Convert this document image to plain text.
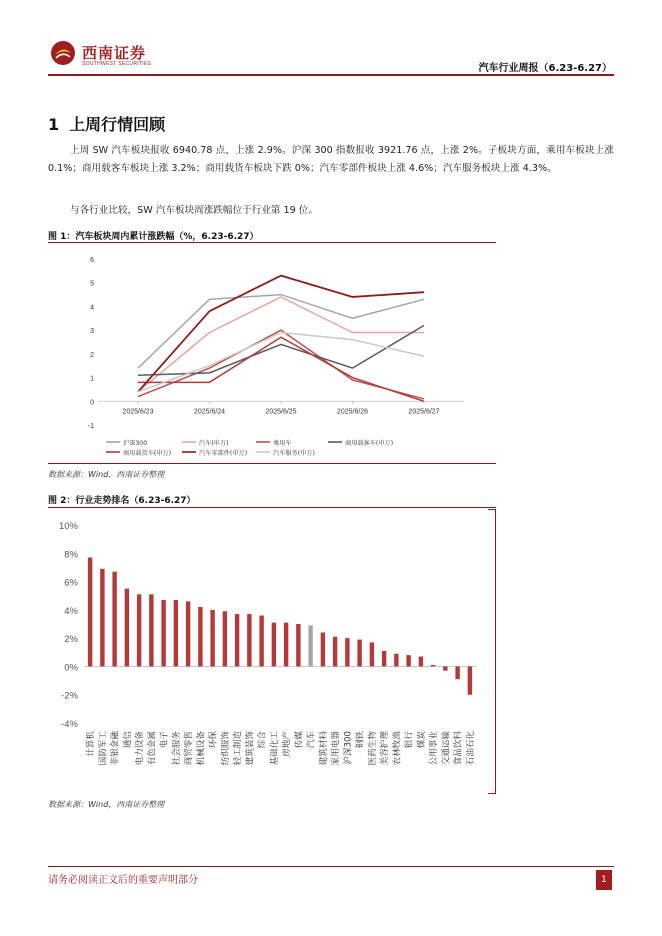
西南证券
SOUTHWEST SECURITIES	汽车行业周报（6.23-6.27）
1 上周行情回顾

上周 SW 汽车板块报收 6940.78 点，上涨 2.9%。沪深 300 指数报收 3921.76 点，上涨 2%。子板块方面，乘用车板块上涨 0.1%；商用载客车板块上涨 3.2%；商用载货车板块下跌 0%；汽车零部件板块上涨 4.6%；汽车服务板块上涨 4.3%。

与各行业比较，SW 汽车板块周涨跌幅位于行业第 19 位。

图 1：汽车板块周内累计涨跌幅（%，6.23-6.27）
-1
0
1
2
3
4
5
6
2025/6/23	2025/6/24	2025/6/25	2025/6/26	2025/6/27
沪深300	汽车(申万)	乘用车	商用载客车(申万)
商用载货车(申万)	汽车零部件(申万)	汽车服务(申万)
数据来源：Wind，西南证券整理
图 2：行业走势排名（6.23-6.27）
-4%
-2%
0%
2%
4%
6%
8%
10%
计算机 国防军工 非银金融 通信 电力设备 有色金属 电子 社会服务 商贸零售 机械设备 环保 纺织服饰 轻工制造 建筑装饰 综合 基础化工 房地产 传媒 汽车 建筑材料 家用电器 沪深300 钢铁 医药生物 美容护理 农林牧渔 银行 煤炭 公用事业 交通运输 食品饮料 石油石化
数据来源：Wind，西南证券整理
请务必阅读正文后的重要声明部分	1
